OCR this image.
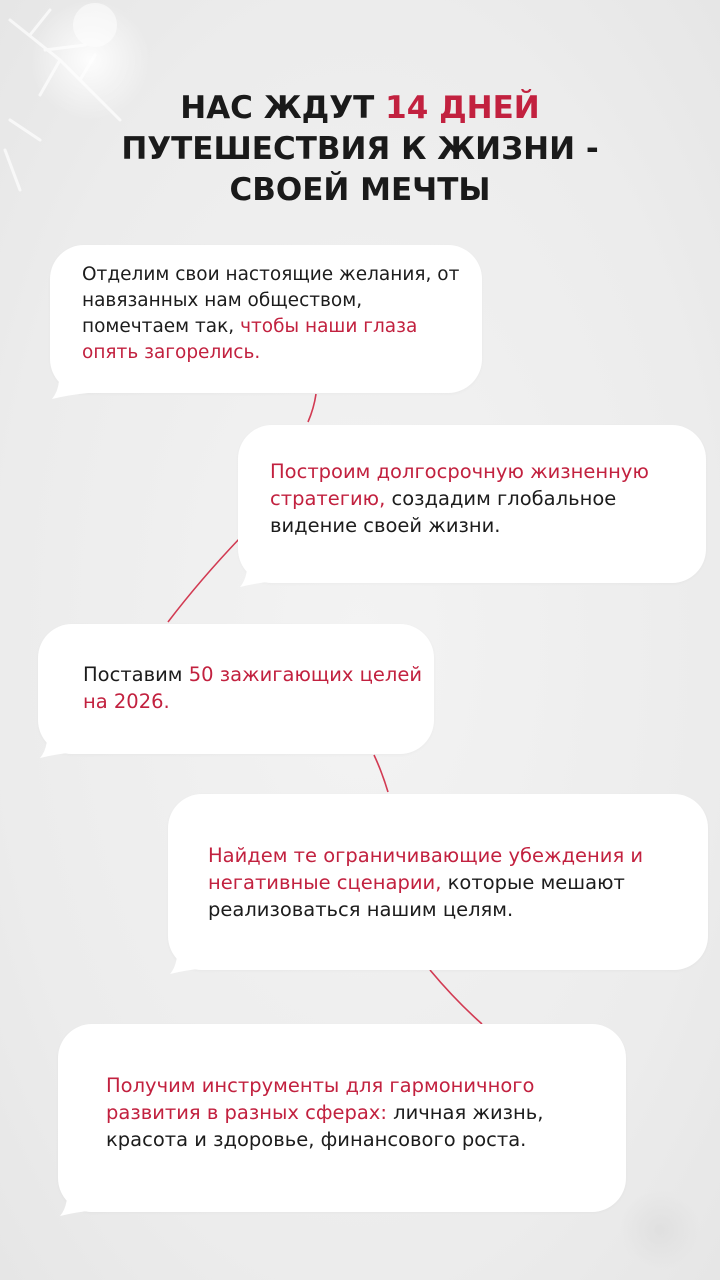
НАС ЖДУТ 14 ДНЕЙ
ПУТЕШЕСТВИЯ К ЖИЗНИ -
СВОЕЙ МЕЧТЫ
Отделим свои настоящие желания, от навязанных нам обществом, помечтаем так, чтобы наши глаза опять загорелись.
Построим долгосрочную жизненную стратегию, создадим глобальное видение своей жизни.
Поставим 50 зажигающих целей на 2026.
Найдем те ограничивающие убеждения и негативные сценарии, которые мешают реализоваться нашим целям.
Получим инструменты для гармоничного развития в разных сферах: личная жизнь, красота и здоровье, финансового роста.
